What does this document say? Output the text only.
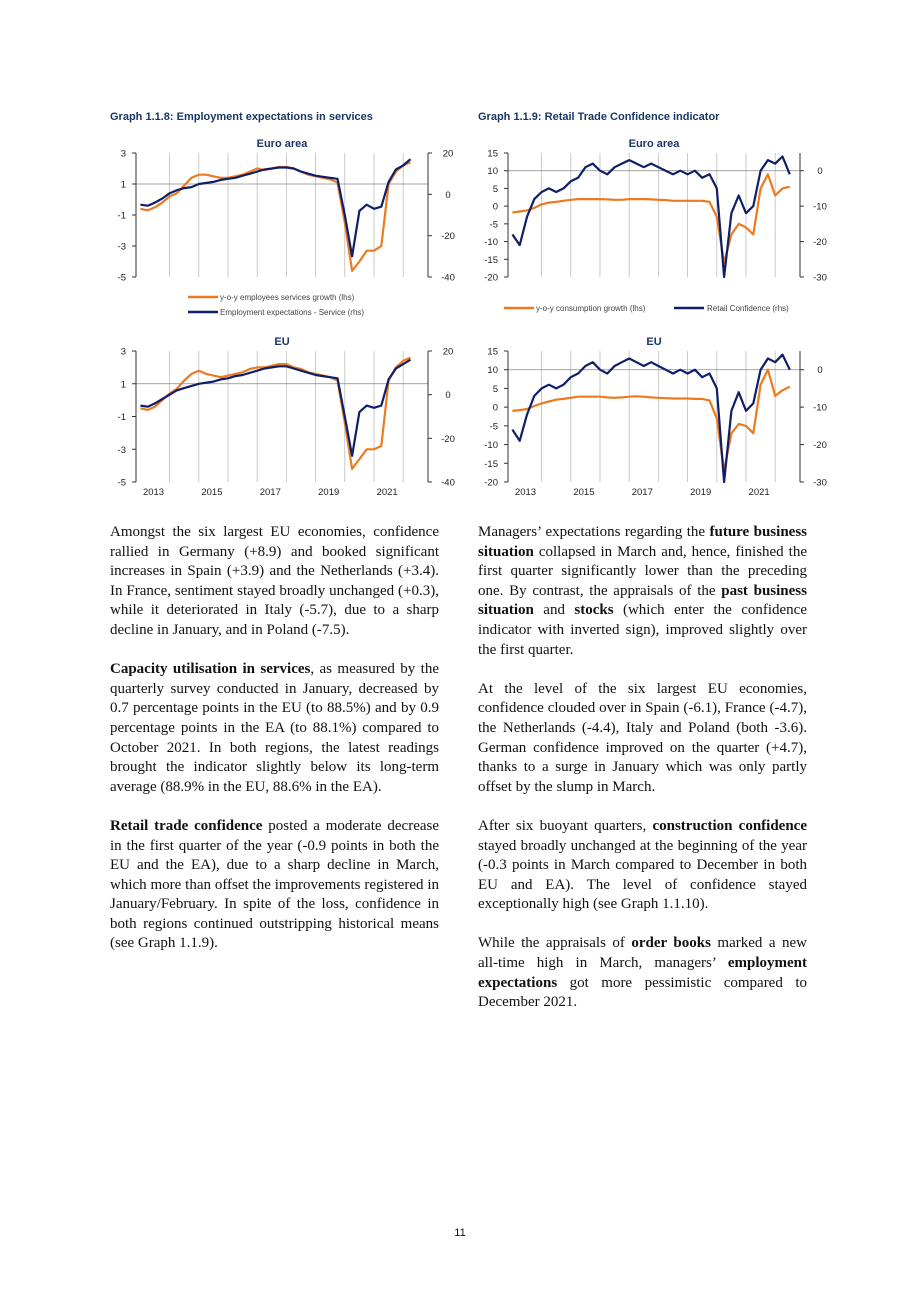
Graph 1.1.8: Employment expectations in services	Graph 1.1.9: Retail Trade Confidence indicator
Euro area
3
1
-1
-3
-5
20
0
-20
-40
y-o-y employees services growth (lhs)
Employment expectations - Service (rhs)
EU
3
1
-1
-3
-5
20
0
-20
-40
2013	2015	2017	2019	2021
Euro area
15
10
5
0
-5
-10
-15
-20
0
-10
-20
-30
y-o-y consumption growth (lhs)	Retail Confidence (rhs)
EU
15
10
5
0
-5
-10
-15
-20
0
-10
-20
-30
2013	2015	2017	2019	2021

Amongst the six largest EU economies, confidence rallied in Germany (+8.9) and booked significant increases in Spain (+3.9) and the Netherlands (+3.4). In France, sentiment stayed broadly unchanged (+0.3), while it deteriorated in Italy (-5.7), due to a sharp decline in January, and in Poland (-7.5).

Capacity utilisation in services, as measured by the quarterly survey conducted in January, decreased by 0.7 percentage points in the EU (to 88.5%) and by 0.9 percentage points in the EA (to 88.1%) compared to October 2021. In both regions, the latest readings brought the indicator slightly below its long-term average (88.9% in the EU, 88.6% in the EA).

Retail trade confidence posted a moderate decrease in the first quarter of the year (-0.9 points in both the EU and the EA), due to a sharp decline in March, which more than offset the improvements registered in January/February. In spite of the loss, confidence in both regions continued outstripping historical means (see Graph 1.1.9).

Managers’ expectations regarding the future business situation collapsed in March and, hence, finished the first quarter significantly lower than the preceding one. By contrast, the appraisals of the past business situation and stocks (which enter the confidence indicator with inverted sign), improved slightly over the first quarter.

At the level of the six largest EU economies, confidence clouded over in Spain (-6.1), France (-4.7), the Netherlands (-4.4), Italy and Poland (both -3.6). German confidence improved on the quarter (+4.7), thanks to a surge in January which was only partly offset by the slump in March.

After six buoyant quarters, construction confidence stayed broadly unchanged at the beginning of the year (-0.3 points in March compared to December in both EU and EA). The level of confidence stayed exceptionally high (see Graph 1.1.10).

While the appraisals of order books marked a new all-time high in March, managers’ employment expectations got more pessimistic compared to December 2021.

11
